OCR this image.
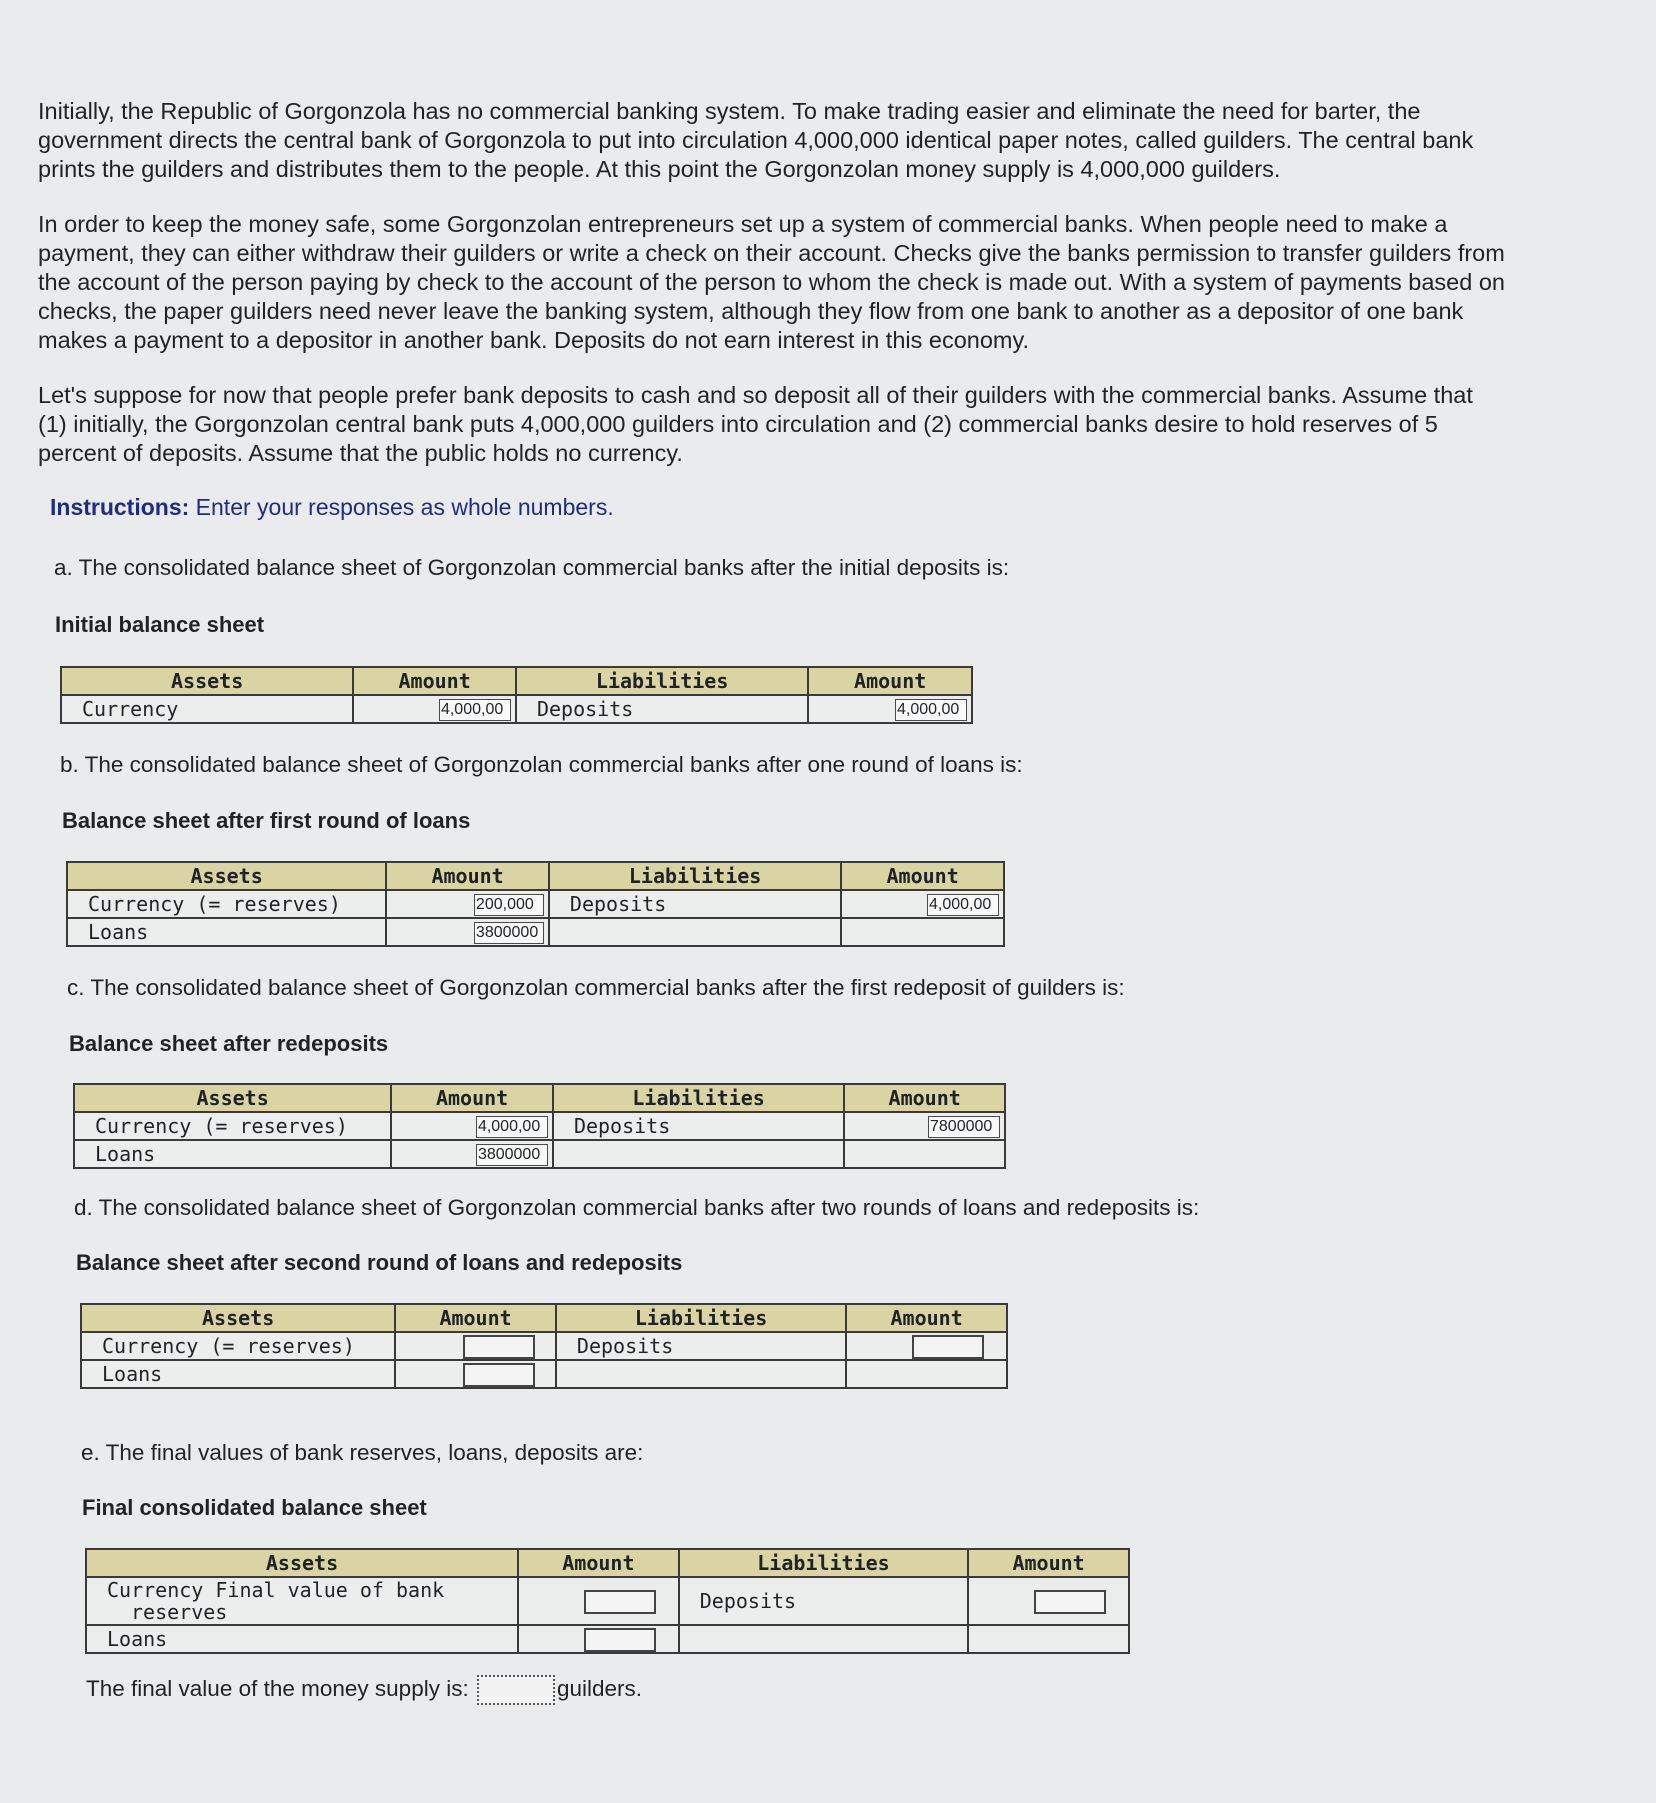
Initially, the Republic of Gorgonzola has no commercial banking system. To make trading easier and eliminate the need for barter, the government directs the central bank of Gorgonzola to put into circulation 4,000,000 identical paper notes, called guilders. The central bank prints the guilders and distributes them to the people. At this point the Gorgonzolan money supply is 4,000,000 guilders.

In order to keep the money safe, some Gorgonzolan entrepreneurs set up a system of commercial banks. When people need to make a payment, they can either withdraw their guilders or write a check on their account. Checks give the banks permission to transfer guilders from the account of the person paying by check to the account of the person to whom the check is made out. With a system of payments based on checks, the paper guilders need never leave the banking system, although they flow from one bank to another as a depositor of one bank makes a payment to a depositor in another bank. Deposits do not earn interest in this economy.

Let's suppose for now that people prefer bank deposits to cash and so deposit all of their guilders with the commercial banks. Assume that (1) initially, the Gorgonzolan central bank puts 4,000,000 guilders into circulation and (2) commercial banks desire to hold reserves of 5 percent of deposits. Assume that the public holds no currency.

Instructions: Enter your responses as whole numbers.
a. The consolidated balance sheet of Gorgonzolan commercial banks after the initial deposits is:
Initial balance sheet
Assets	Amount	Liabilities	Amount
Currency	4,000,00	Deposits	4,000,00
b. The consolidated balance sheet of Gorgonzolan commercial banks after one round of loans is:
Balance sheet after first round of loans
Assets	Amount	Liabilities	Amount
Currency (= reserves)	200,000	Deposits	4,000,00
Loans	3800000		
c. The consolidated balance sheet of Gorgonzolan commercial banks after the first redeposit of guilders is:
Balance sheet after redeposits
Assets	Amount	Liabilities	Amount
Currency (= reserves)	4,000,00	Deposits	7800000
Loans	3800000		
d. The consolidated balance sheet of Gorgonzolan commercial banks after two rounds of loans and redeposits is:
Balance sheet after second round of loans and redeposits
Assets	Amount	Liabilities	Amount
Currency (= reserves)		Deposits	
Loans			
e. The final values of bank reserves, loans, deposits are:
Final consolidated balance sheet
Assets	Amount	Liabilities	Amount

Currency Final value of bank
reserves		Deposits	
Loans			
The final value of the money supply is:	guilders.
